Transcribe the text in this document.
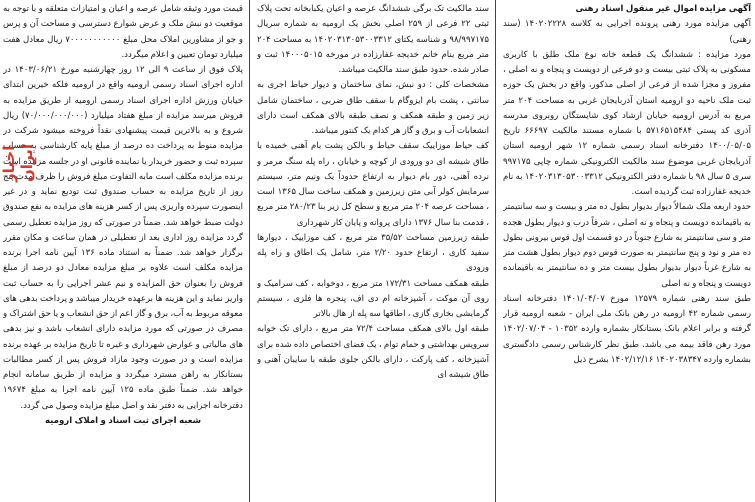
آگهی مزایده اموال غیر منقول اسناد رهنی

آگهی مزایده مورد رهنی پرونده اجرایی به کلاسه ۱۴۰۲۰۲۲۲۸ (سند رهنی)

مورد مزایده : ششدانگ یک قطعه خانه نوع ملک طلق با کاربری مسکونی به پلاک ثبتی بیست و دو فرعی از دویست و پنجاه و نه اصلی ، مفروز و مجزا شده از فرعی از اصلی مذکور، واقع در بخش یک حوزه ثبت ملک ناحیه دو ارومیه استان آذربایجان غربی به مساحت ۲۰۴ متر مربع به آدرس ارومیه خیابان ارشاد کوی شایستگان روبروی مدرسه آذری کد پستی ۵۷۱۶۵۱۵۴۸۴ با شماره مستند مالکیت ۶۶۶۹۷ تاریخ ۱۴۰۰/۰۵/۰۵ دفترخانه اسناد رسمی شماره ۱۲ شهر ارومیه استان آذربایجان غربی موضوع سند مالکیت الکترونیکی شماره چاپی ۹۹۷۱۷۵ سری ۵ سال ۹۸ با شماره دفتر الکترونیکی ۱۴۰۲۰۳۱۳۰۵۳۰۰۳۳۱۲ به نام خدیجه غفارزاده ثبت گردیده است.

حدود اربعه ملک شمالاً دیوار بدیوار بطول ده متر و بیست و سه سانتیمتر به باقیمانده دویست و پنجاه و نه اصلی ، شرقاً درب و دیوار بطول هجده متر و سی سانتیمتر به شارع جنوباً در دو قسمت اول قوس بیرونی بطول ده متر و نود و پنج سانتیمتر به صورت قوس دوم دیوار بطول هشت متر به شارع غرباً دیوار بدیوار بطول بیست متر و ده سانتیمتر به باقیمانده دویست و پنجاه و نه اصلی

طبق سند رهنی شماره ۱۲۵۷۹ مورخ ۱۴۰۱/۰۴/۰۷ دفترخانه اسناد رسمی شماره ۴۲ ارومیه در رهن بانک ملی ایران - شعبه ارومیه قرار گرفته و برابر اعلام بانک بستانکار بشماره وارده ۱۰۳۵۲ - ۱۴۰۲/۰۷/۰۴ مورد رهن فاقد بیمه می باشد. طبق نظر کارشناس رسمی دادگستری بشماره وارده ۱۴۰۲۰۳۸۳۴۷ ۱۴۰۲/۱۲/۱۶ بشرح ذیل

سند مالکیت تک برگی ششدانگ عرصه و اعیان یکبابخانه تحت پلاک ثبتی ۲۲ فرعی از ۲۵۹ اصلی بخش یک ارومیه به شماره سریال ۹۸/۹۹۷۱۷۵ و شناسه یکتای ۱۴۰۲۰۳۱۳۰۵۳۰۰۳۳۱۲ به مساحت ۲۰۴ متر مربع بنام خانم خدیجه غفارزاده در مورخه ۱۴۰۰۰۵۰۱۵ ثبت و صادر شده. حدود طبق سند مالکیت میباشد.

مشخصات کلی : دو نبش، نمای ساختمان و دیوار حیاط اجری به سانتی ، پشت بام ایزوگام با سقف طاق ضربی ، ساختمان شامل زیر زمین و طبقه همکف و نصف طبقه بالای همکف است دارای انشعابات آب و برق و گاز هر کدام یک کنتور میباشد.

کف حیاط موزاییک سقف حیاط و بالکن پشت بام آهنی خمیده با طاق شیشه ای دو ورودی از کوچه و خیابان ، راه پله سنگ مرمر و نرده آهنی، دور بام دیوار به ارتفاع حدوداً یک ونیم متر، سیستم سرمایش کولر آبی متن زیرزمین و همکف ساخت سال ۱۳۶۵ است ، مساحت عرصه ۲۰۴ متر مربع و سطح کل زیر بنا ۲۸۰/۲۳ متر مربع ، قدمت بنا سال ۱۳۷۶ دارای پروانه و پایان کار شهرداری

طبقه زیرزمین مساحت ۳۵/۵۲ متر مربع ، کف موزاییک ، دیوارها سفید کاری ، ارتفاع حدود ۲/۲۰ متر، شامل یک اطاق و راه پله ورودی

طبقه همکف مساحت ۱۷۲/۳۱ متر مربع ، دوخوابه ، کف سرامیک و روی آن موکت ، آشپزخانه ام دی اف، پنجره ها فلزی ، سیستم گرمایشی بخاری گازی ، اطاقها سه پله از هال بالاتر

طبقه اول بالای همکف مساحت ۷۲/۴ متر مربع ، دارای تک خوابه سرویس بهداشتی و حمام توام ، یک فضای اختصاص داده شده برای آشپزخانه ، کف پارکت ، دارای بالکن جلوی طبقه با سایبان آهنی و طاق شیشه ای

قیمت مورد وثیقه شامل عرصه و اعیان و امتیازات متعلقه و با توجه به موقعیت دو نبش ملک و عرض شوارع دسترسی و مساحت آن و پرس و جو از مشاورین املاک محل مبلغ ۷۰۰۰۰۰۰۰۰۰۰۰ ریال معادل هفت میلیارد تومان تعیین و اعلام میگردد.

پلاک فوق از ساعت ۹ الی ۱۲ روز چهارشنبه مورخ ۱۴۰۳/۰۶/۲۱ در اداره اجرای اسناد رسمی ارومیه واقع در ارومیه فلکه خیرین ابتدای خیابان ورزش اداره اجرای اسناد رسمی ارومیه از طریق مزایده به فروش میرسد مزایده از مبلغ هفتاد میلیارد (۷۰/۰۰۰/۰۰۰/۰۰۰) ریال شروع و به بالاترین قیمت پیشنهادی نقداً فروخته میشود شرکت در مزایده منوط به پرداخت ده درصد از مبلغ پایه کارشناسی به حساب سپرده ثبت و حضور خریدار یا نماینده قانونی او در جلسه مزایده است برنده مزایده مکلف است مابه التفاوت مبلغ فروش را ظرف مدت پنج روز از تاریخ مزایده به حساب صندوق ثبت تودیع نماید و در غیر اینصورت سپرده واریزی پس از کسر هزینه های مزایده به نفع صندوق دولت ضبط خواهد شد. ضمناً در صورتی که روز مزایده تعطیل رسمی گردد مزایده روز اداری بعد از تعطیلی در همان ساعت و مکان مقرر برگزار خواهد شد. ضمناً به استناد ماده ۱۳۶ آیین نامه اجرا برنده مزایده مکلف است علاوه بر مبلغ مزایده معادل دو درصد از مبلغ فروش را بعنوان حق المزایده و نیم عشر اجرایی را به حساب ثبت واریز نماید و این هزینه ها برعهده خریدار میباشد و پرداخت بدهی های معوقه مربوط به آب، برق و گاز اعم از حق انشعاب و یا حق اشتراک و مصرف در صورتی که مورد مزایده دارای انشعاب باشد و نیز بدهی های مالیاتی و عوارض شهرداری و غیره تا تاریخ مزایده بر عهده برنده مزایده است و در صورت وجود مازاد فروش پس از کسر مطالبات بستانکار به راهن مسترد میگردد و مزایده از طریق سامانه انجام خواهد شد. ضمناً طبق ماده ۱۲۵ آیین نامه اجرا به مبلغ ۱۹۶۷۴ دفترخانه اجرایی به دفتر نقد و اصل مبلغ مزایده وصول می گردد.

شعبه اجرای ثبت اسناد و املاک ارومیه

اخبار ایران
